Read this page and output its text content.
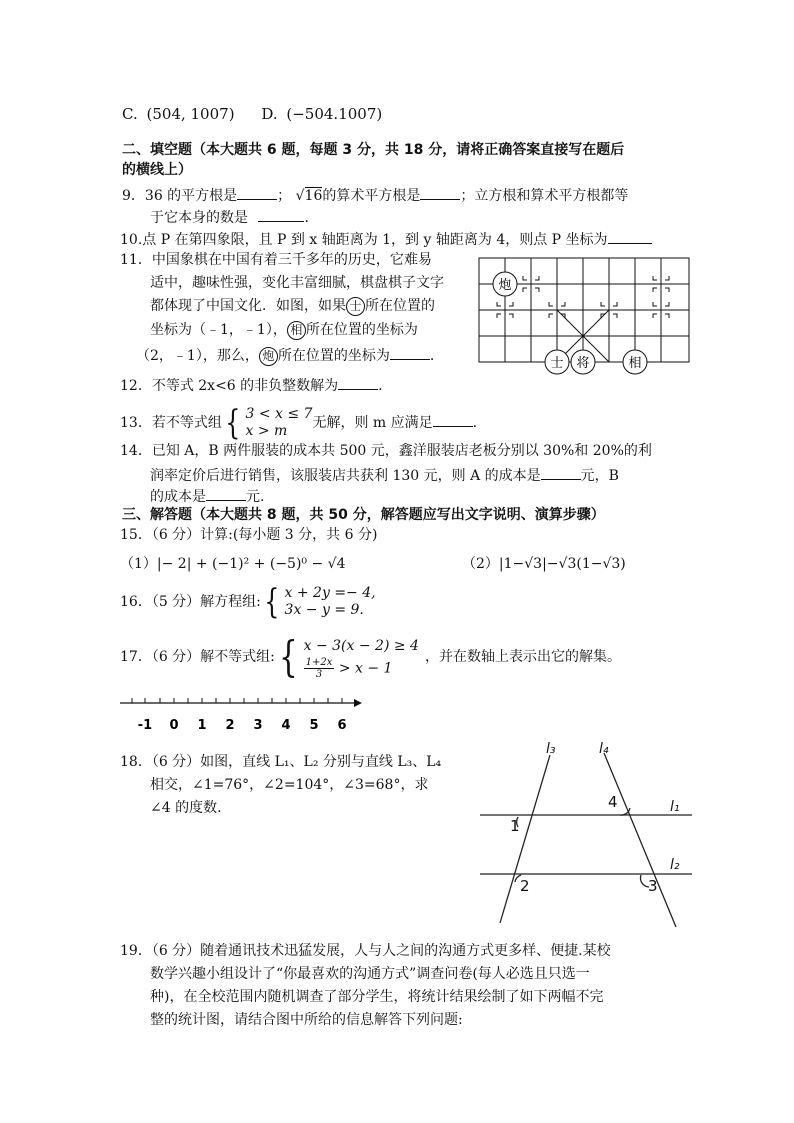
C. (504, 1007) D. (−504.1007)
二、填空题（本大题共 6 题，每题 3 分，共 18 分，请将正确答案直接写在题后
的横线上）
9．36 的平方根是	； √16的算术平方根是	；立方根和算术平方根都等
于它本身的数是	.
10.点 P 在第四象限，且 P 到 x 轴距离为 1，到 y 轴距离为 4，则点 P 坐标为
11．中国象棋在中国有着三千多年的历史，它难易
适中，趣味性强，变化丰富细腻，棋盘棋子文字
都体现了中国文化．如图，如果 士 所在位置的
坐标为（﹣1，﹣1）， 相 所在位置的坐标为
（2，﹣1），那么， 炮 所在位置的坐标为	.
炮
士 将	相
12．不等式 2x<6 的非负整数解为	.
13．若不等式组 { 3 < x ≤ 7
x > m	无解，则 m 应满足	.
14．已知 A，B 两件服装的成本共 500 元，鑫洋服装店老板分别以 30%和 20%的利
润率定价后进行销售，该服装店共获利 130 元，则 A 的成本是	元，B
的成本是	元.
三、解答题（本大题共 8 题，共 50 分，解答题应写出文字说明、演算步骤）
15．（6 分）计算:(每小题 3 分，共 6 分)
（1）|− 2| + (−1)² + (−5)⁰ − √4	（2）|1−√3|−√3(1−√3)
16．（5 分）解方程组: { x + 2y =− 4,
3x − y = 9.
17．（6 分）解不等式组: { x − 3(x − 2) ≥ 4
$\frac{1+2x}{3} > x - 1$
，并在数轴上表示出它的解集。
-1 0 1 2 3 4 5 6
18．（6 分）如图，直线 L₁、L₂ 分别与直线 L₃、L₄
相交，∠1=76°，∠2=104°，∠3=68°，求
∠4 的度数.
l₃	l₄
l₁
l₂
1
2	3
4
19．（6 分）随着通讯技术迅猛发展，人与人之间的沟通方式更多样、便捷.某校
数学兴趣小组设计了“你最喜欢的沟通方式”调查问卷(每人必选且只选一
种)，在全校范围内随机调查了部分学生，将统计结果绘制了如下两幅不完
整的统计图，请结合图中所给的信息解答下列问题:
